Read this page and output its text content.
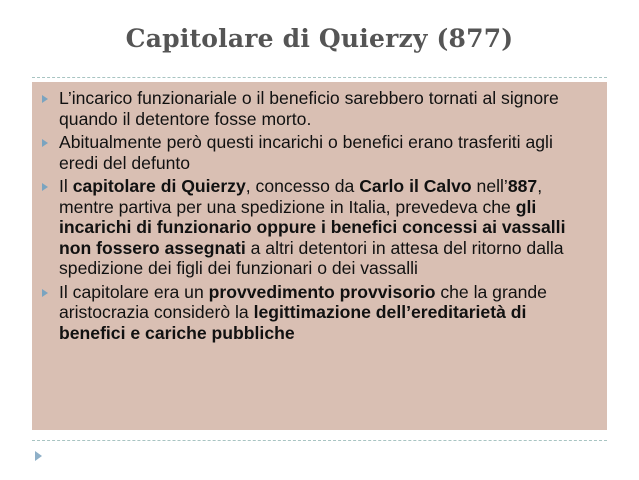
Capitolare di Quierzy (877)
L’incarico funzionariale o il beneficio sarebbero tornati al signore quando il detentore fosse morto.
Abitualmente però questi incarichi o benefici erano trasferiti agli eredi del defunto
Il capitolare di Quierzy, concesso da Carlo il Calvo nell’887, mentre partiva per una spedizione in Italia, prevedeva che gli incarichi di funzionario oppure i benefici concessi ai vassalli non fossero assegnati a altri detentori in attesa del ritorno dalla spedizione dei figli dei funzionari o dei vassalli
Il capitolare era un provvedimento provvisorio che la grande aristocrazia considerò la legittimazione dell’ereditarietà di benefici e cariche pubbliche
